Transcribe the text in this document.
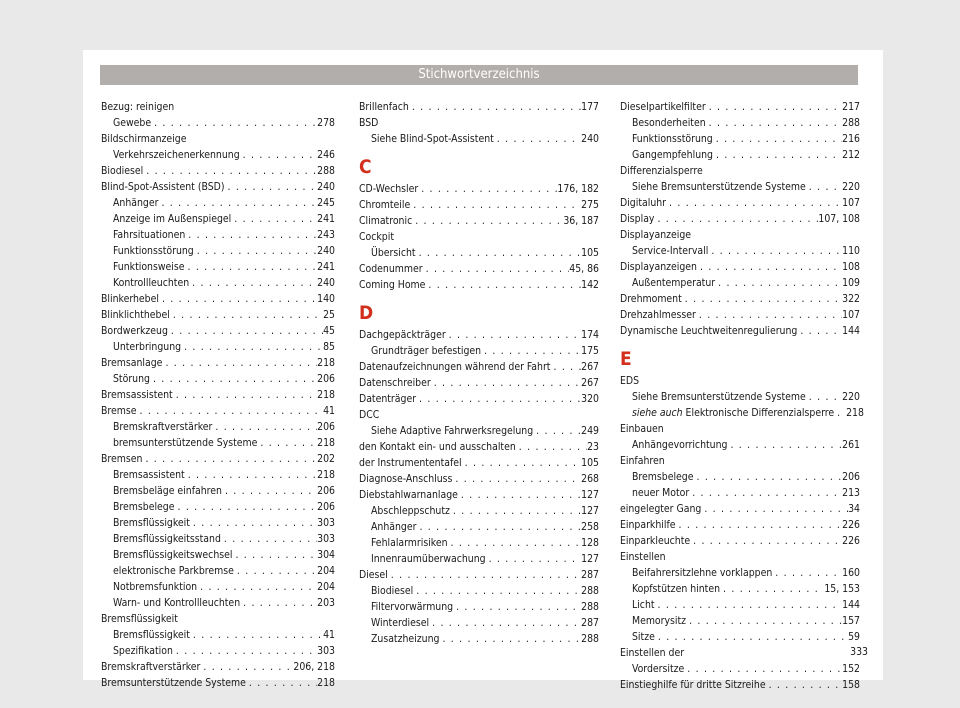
Stichwortverzeichnis
Bezug: reinigen
Gewebe . . .	278
Bildschirmanzeige
Verkehrszeichenerkennung . . .	246
Biodiesel . . .	288
Blind-Spot-Assistent (BSD) . . .	240
Anhänger . . .	245
Anzeige im Außenspiegel . . .	241
Fahrsituationen . . .	243
Funktionsstörung . . .	240
Funktionsweise . . .	241
Kontrollleuchten . . .	240
Blinkerhebel . . .	140
Blinklichthebel . . .	25
Bordwerkzeug . . .	45
Unterbringung . . .	85
Bremsanlage . . .	218
Störung . . .	206
Bremsassistent . . .	218
Bremse . . .	41
Bremskraftverstärker . . .	206
bremsunterstützende Systeme . . .	218
Bremsen . . .	202
Bremsassistent . . .	218
Bremsbeläge einfahren . . .	206
Bremsbelege . . .	206
Bremsflüssigkeit . . .	303
Bremsflüssigkeitsstand . . .	303
Bremsflüssigkeitswechsel . . .	304
elektronische Parkbremse . . .	204
Notbremsfunktion . . .	204
Warn- und Kontrollleuchten . . .	203
Bremsflüssigkeit
Bremsflüssigkeit . . .	41
Spezifikation . . .	303
Bremskraftverstärker . . .	206, 218
Bremsunterstützende Systeme . . .	218
Brillenfach . . .	177
BSD
Siehe Blind-Spot-Assistent . . .	240
C
CD-Wechsler . . .	176, 182
Chromteile . . .	275
Climatronic . . .	36, 187
Cockpit
Übersicht . . .	105
Codenummer . . .	45, 86
Coming Home . . .	142
D
Dachgepäckträger . . .	174
Grundträger befestigen . . .	175
Datenaufzeichnungen während der Fahrt . . .	267
Datenschreiber . . .	267
Datenträger . . .	320
DCC
Siehe Adaptive Fahrwerksregelung . . .	249
den Kontakt ein- und ausschalten . . .	23
der Instrumententafel . . .	105
Diagnose-Anschluss . . .	268
Diebstahlwarnanlage . . .	127
Abschleppschutz . . .	127
Anhänger . . .	258
Fehlalarmrisiken . . .	128
Innenraumüberwachung . . .	127
Diesel . . .	287
Biodiesel . . .	288
Filtervorwärmung . . .	288
Winterdiesel . . .	287
Zusatzheizung . . .	288
Dieselpartikelfilter . . .	217
Besonderheiten . . .	288
Funktionsstörung . . .	216
Gangempfehlung . . .	212
Differenzialsperre
Siehe Bremsunterstützende Systeme . . .	220
Digitaluhr . . .	107
Display . . .	107, 108
Displayanzeige
Service-Intervall . . .	110
Displayanzeigen . . .	108
Außentemperatur . . .	109
Drehmoment . . .	322
Drehzahlmesser . . .	107
Dynamische Leuchtweitenregulierung . . .	144
E
EDS
Siehe Bremsunterstützende Systeme . . .	220
siehe auch Elektronische Differenzialsperre . . . 218
Einbauen
Anhängevorrichtung . . .	261
Einfahren
Bremsbelege . . .	206
neuer Motor . . .	213
eingelegter Gang . . .	34
Einparkhilfe . . .	226
Einparkleuchte . . .	226
Einstellen
Beifahrersitzlehne vorklappen . . .	160
Kopfstützen hinten . . .	15, 153
Licht . . .	144
Memorysitz . . .	157
Sitze . . .	59
Einstellen der
Vordersitze . . .	152
Einstieghilfe für dritte Sitzreihe . . .	158
333
